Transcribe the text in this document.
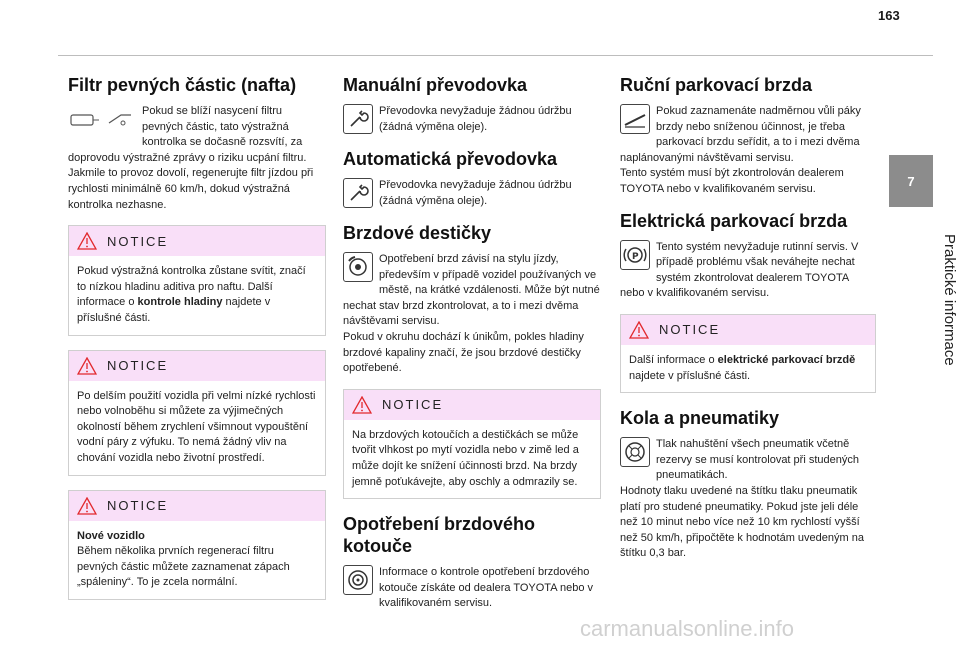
163
7
Praktické informace
Filtr pevných částic (nafta)

Pokud se blíží nasycení filtru pevných částic, tato výstražná kontrolka se dočasně rozsvítí, za doprovodu výstražné zprávy o riziku ucpání filtru.

Jakmile to provoz dovolí, regenerujte filtr jízdou při rychlosti minimálně 60 km/h, dokud výstražná kontrolka nezhasne.

NOTICE

Pokud výstražná kontrolka zůstane svítit, značí to nízkou hladinu aditiva pro naftu. Další informace o kontrole hladiny najdete v příslušné části.

NOTICE

Po delším použití vozidla při velmi nízké rychlosti nebo volnoběhu si můžete za výjimečných okolností během zrychlení všimnout vypouštění vodní páry z výfuku. To nemá žádný vliv na chování vozidla nebo životní prostředí.

NOTICE

Nové vozidlo

Během několika prvních regenerací filtru pevných částic můžete zaznamenat zápach „spáleniny“. To je zcela normální.

Manuální převodovka

Převodovka nevyžaduje žádnou údržbu (žádná výměna oleje).

Automatická převodovka

Převodovka nevyžaduje žádnou údržbu (žádná výměna oleje).

Brzdové destičky

Opotřebení brzd závisí na stylu jízdy, především v případě vozidel používaných ve městě, na krátké vzdálenosti. Může být nutné nechat stav brzd zkontrolovat, a to i mezi dvěma návštěvami servisu.

Pokud v okruhu dochází k únikům, pokles hladiny brzdové kapaliny značí, že jsou brzdové destičky opotřebené.

NOTICE

Na brzdových kotoučích a destičkách se může tvořit vlhkost po mytí vozidla nebo v zimě led a může dojít ke snížení účinnosti brzd. Na brzdy jemně poťukávejte, aby oschly a odmrazily se.

Opotřebení brzdového
kotouče

Informace o kontrole opotřebení brzdového kotouče získáte od dealera TOYOTA nebo v kvalifikovaném servisu.

Ruční parkovací brzda

Pokud zaznamenáte nadměrnou vůli páky brzdy nebo sníženou účinnost, je třeba parkovací brzdu seřídit, a to i mezi dvěma naplánovanými návštěvami servisu.

Tento systém musí být zkontrolován dealerem TOYOTA nebo v kvalifikovaném servisu.

Elektrická parkovací brzda
P

Tento systém nevyžaduje rutinní servis. V případě problému však neváhejte nechat systém zkontrolovat dealerem TOYOTA nebo v kvalifikovaném servisu.

NOTICE

Další informace o elektrické parkovací brzdě najdete v příslušné části.

Kola a pneumatiky

Tlak nahuštění všech pneumatik včetně rezervy se musí kontrolovat při studených pneumatikách.

Hodnoty tlaku uvedené na štítku tlaku pneumatik platí pro studené pneumatiky. Pokud jste jeli déle než 10 minut nebo více než 10 km rychlostí vyšší než 50 km/h, připočtěte k hodnotám uvedeným na štítku 0,3 bar.

carmanualsonline.info
